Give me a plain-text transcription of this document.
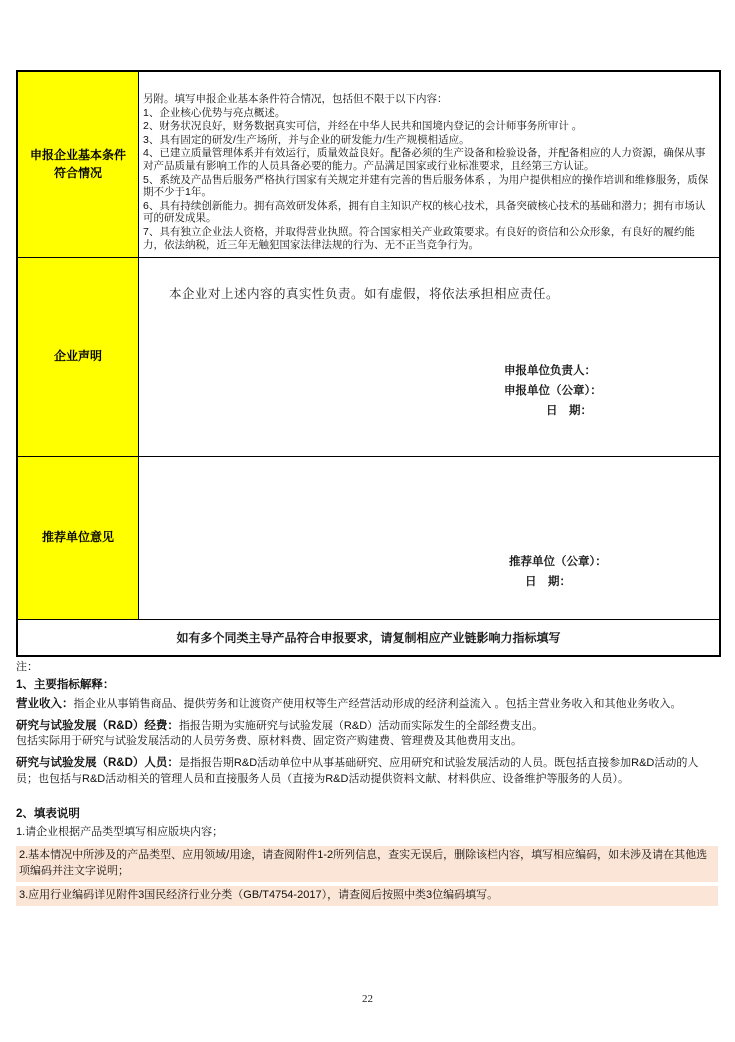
申报企业基本条件
符合情况
另附。填写申报企业基本条件符合情况，包括但不限于以下内容：
1、企业核心优势与亮点概述。
2、财务状况良好，财务数据真实可信，并经在中华人民共和国境内登记的会计师事务所审计 。
3、具有固定的研发/生产场所，并与企业的研发能力/生产规模相适应。
4、已建立质量管理体系并有效运行，质量效益良好。配备必须的生产设备和检验设备，并配备相应的人力资源，确保从事对产品质量有影响工作的人员具备必要的能力。产品满足国家或行业标准要求，且经第三方认证。
5、系统及产品售后服务严格执行国家有关规定并建有完善的售后服务体系 ，为用户提供相应的操作培训和维修服务，质保期不少于1年。
6、具有持续创新能力。拥有高效研发体系，拥有自主知识产权的核心技术，具备突破核心技术的基础和潜力；拥有市场认可的研发成果。
7、具有独立企业法人资格，并取得营业执照。符合国家相关产业政策要求。有良好的资信和公众形象，有良好的履约能力，依法纳税，近三年无触犯国家法律法规的行为、无不正当竞争行为。
企业声明
本企业对上述内容的真实性负责。如有虚假，将依法承担相应责任。
申报单位负责人：
申报单位（公章）：
日　期：
推荐单位意见
推荐单位（公章）：
日　期：
如有多个同类主导产品符合申报要求，请复制相应产业链影响力指标填写
注：
1、主要指标解释：
营业收入：指企业从事销售商品、提供劳务和让渡资产使用权等生产经营活动形成的经济利益流入 。包括主营业务收入和其他业务收入。
研究与试验发展（R&D）经费：指报告期为实施研究与试验发展（R&D）活动而实际发生的全部经费支出。
包括实际用于研究与试验发展活动的人员劳务费、原材料费、固定资产购建费、管理费及其他费用支出。
研究与试验发展（R&D）人员：是指报告期R&D活动单位中从事基础研究、应用研究和试验发展活动的人员。既包括直接参加R&D活动的人员；也包括与R&D活动相关的管理人员和直接服务人员（直接为R&D活动提供资料文献、材料供应、设备维护等服务的人员）。
2、填表说明
1.请企业根据产品类型填写相应版块内容；
2.基本情况中所涉及的产品类型、应用领域/用途，请查阅附件1-2所列信息，查实无误后，删除该栏内容，填写相应编码，如未涉及请在其他选项编码并注文字说明；
3.应用行业编码详见附件3国民经济行业分类（GB/T4754-2017），请查阅后按照中类3位编码填写。
22
